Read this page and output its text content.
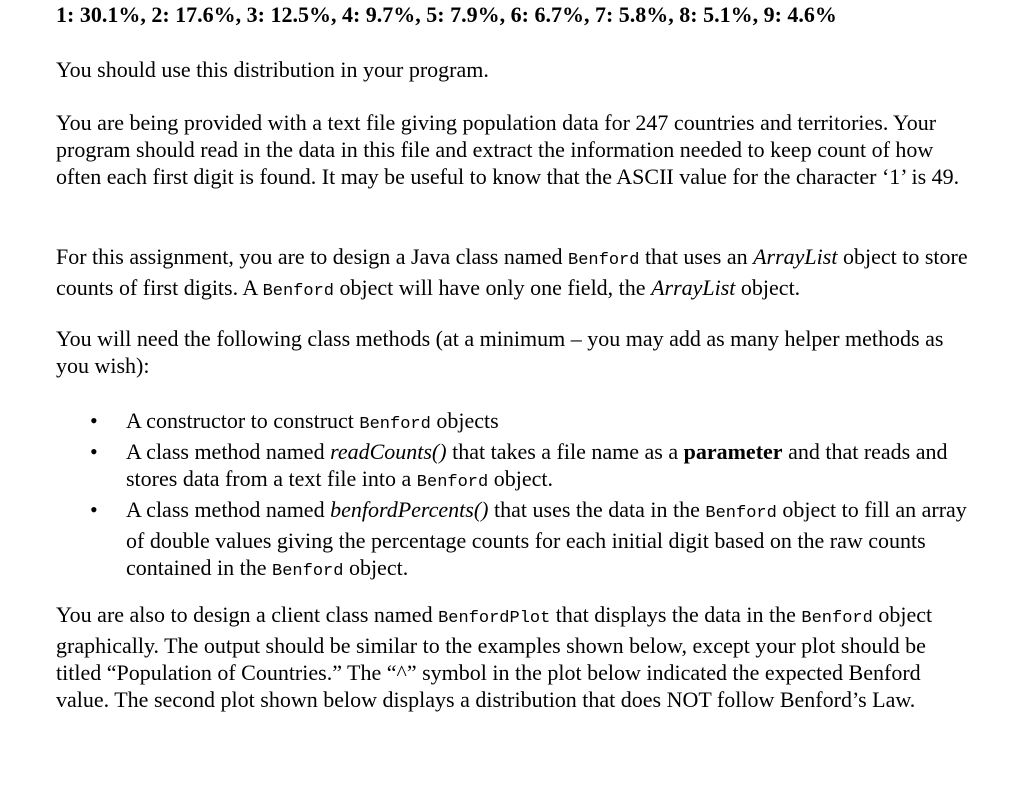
1: 30.1%, 2: 17.6%, 3: 12.5%, 4: 9.7%, 5: 7.9%, 6: 6.7%, 7: 5.8%, 8: 5.1%, 9: 4.6%

You should use this distribution in your program.

You are being provided with a text file giving population data for 247 countries and territories. Your program should read in the data in this file and extract the information needed to keep count of how often each first digit is found. It may be useful to know that the ASCII value for the character ‘1’ is 49.

For this assignment, you are to design a Java class named Benford that uses an ArrayList object to store counts of first digits. A Benford object will have only one field, the ArrayList object.

You will need the following class methods (at a minimum – you may add as many helper methods as you wish):

• A constructor to construct Benford objects
• A class method named readCounts() that takes a file name as a parameter and that reads and stores data from a text file into a Benford object.
• A class method named benfordPercents() that uses the data in the Benford object to fill an array of double values giving the percentage counts for each initial digit based on the raw counts contained in the Benford object.

You are also to design a client class named BenfordPlot that displays the data in the Benford object graphically. The output should be similar to the examples shown below, except your plot should be titled “Population of Countries.” The “^” symbol in the plot below indicated the expected Benford value. The second plot shown below displays a distribution that does NOT follow Benford’s Law.
